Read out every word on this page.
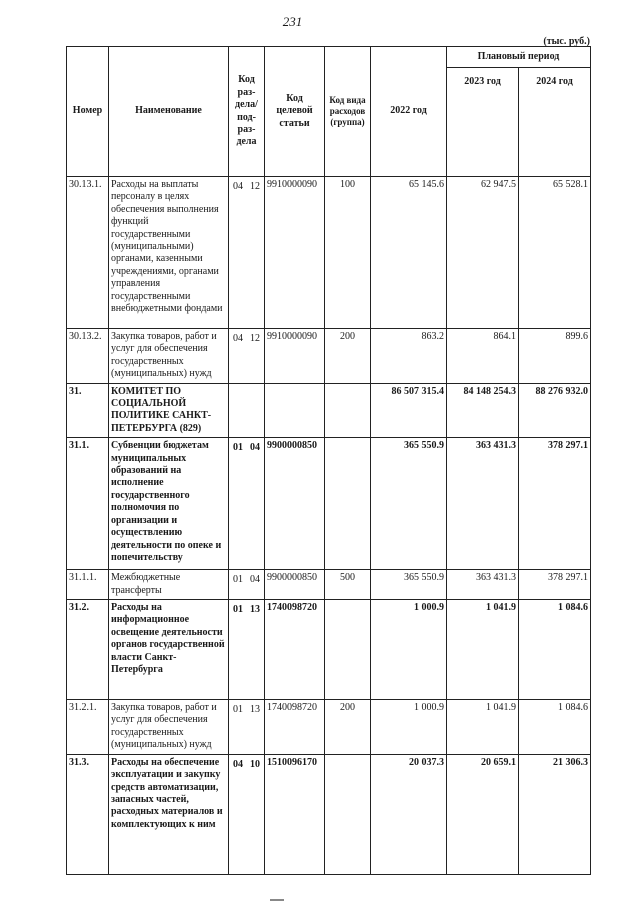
231
(тыс. руб.)
Номер	Наименование	Код раз-дела/ под-раз-дела	Код целевой статьи	Код вида расходов (группа)	2022 год	Плановый период	
						2023 год	2024 год
30.13.1.	Расходы на выплаты персоналу в целях обеспечения выполнения функций государственными (муниципальными) органами, казенными учреждениями, органами управления государственными внебюджетными фондами	04 12	9910000090	100	65 145.6	62 947.5	65 528.1
30.13.2.	Закупка товаров, работ и услуг для обеспечения государственных (муниципальных) нужд	04 12	9910000090	200	863.2	864.1	899.6
31.	КОМИТЕТ ПО СОЦИАЛЬНОЙ ПОЛИТИКЕ САНКТ-ПЕТЕРБУРГА (829)				86 507 315.4	84 148 254.3	88 276 932.0
31.1.	Субвенции бюджетам муниципальных образований на исполнение государственного полномочия по организации и осуществлению деятельности по опеке и попечительству	01 04	9900000850		365 550.9	363 431.3	378 297.1
31.1.1.	Межбюджетные трансферты	01 04	9900000850	500	365 550.9	363 431.3	378 297.1
31.2.	Расходы на информационное освещение деятельности органов государственной власти Санкт-Петербурга	01 13	1740098720		1 000.9	1 041.9	1 084.6
31.2.1.	Закупка товаров, работ и услуг для обеспечения государственных (муниципальных) нужд	01 13	1740098720	200	1 000.9	1 041.9	1 084.6
31.3.	Расходы на обеспечение эксплуатации и закупку средств автоматизации, запасных частей, расходных материалов и комплектующих к ним	04 10	1510096170		20 037.3	20 659.1	21 306.3
